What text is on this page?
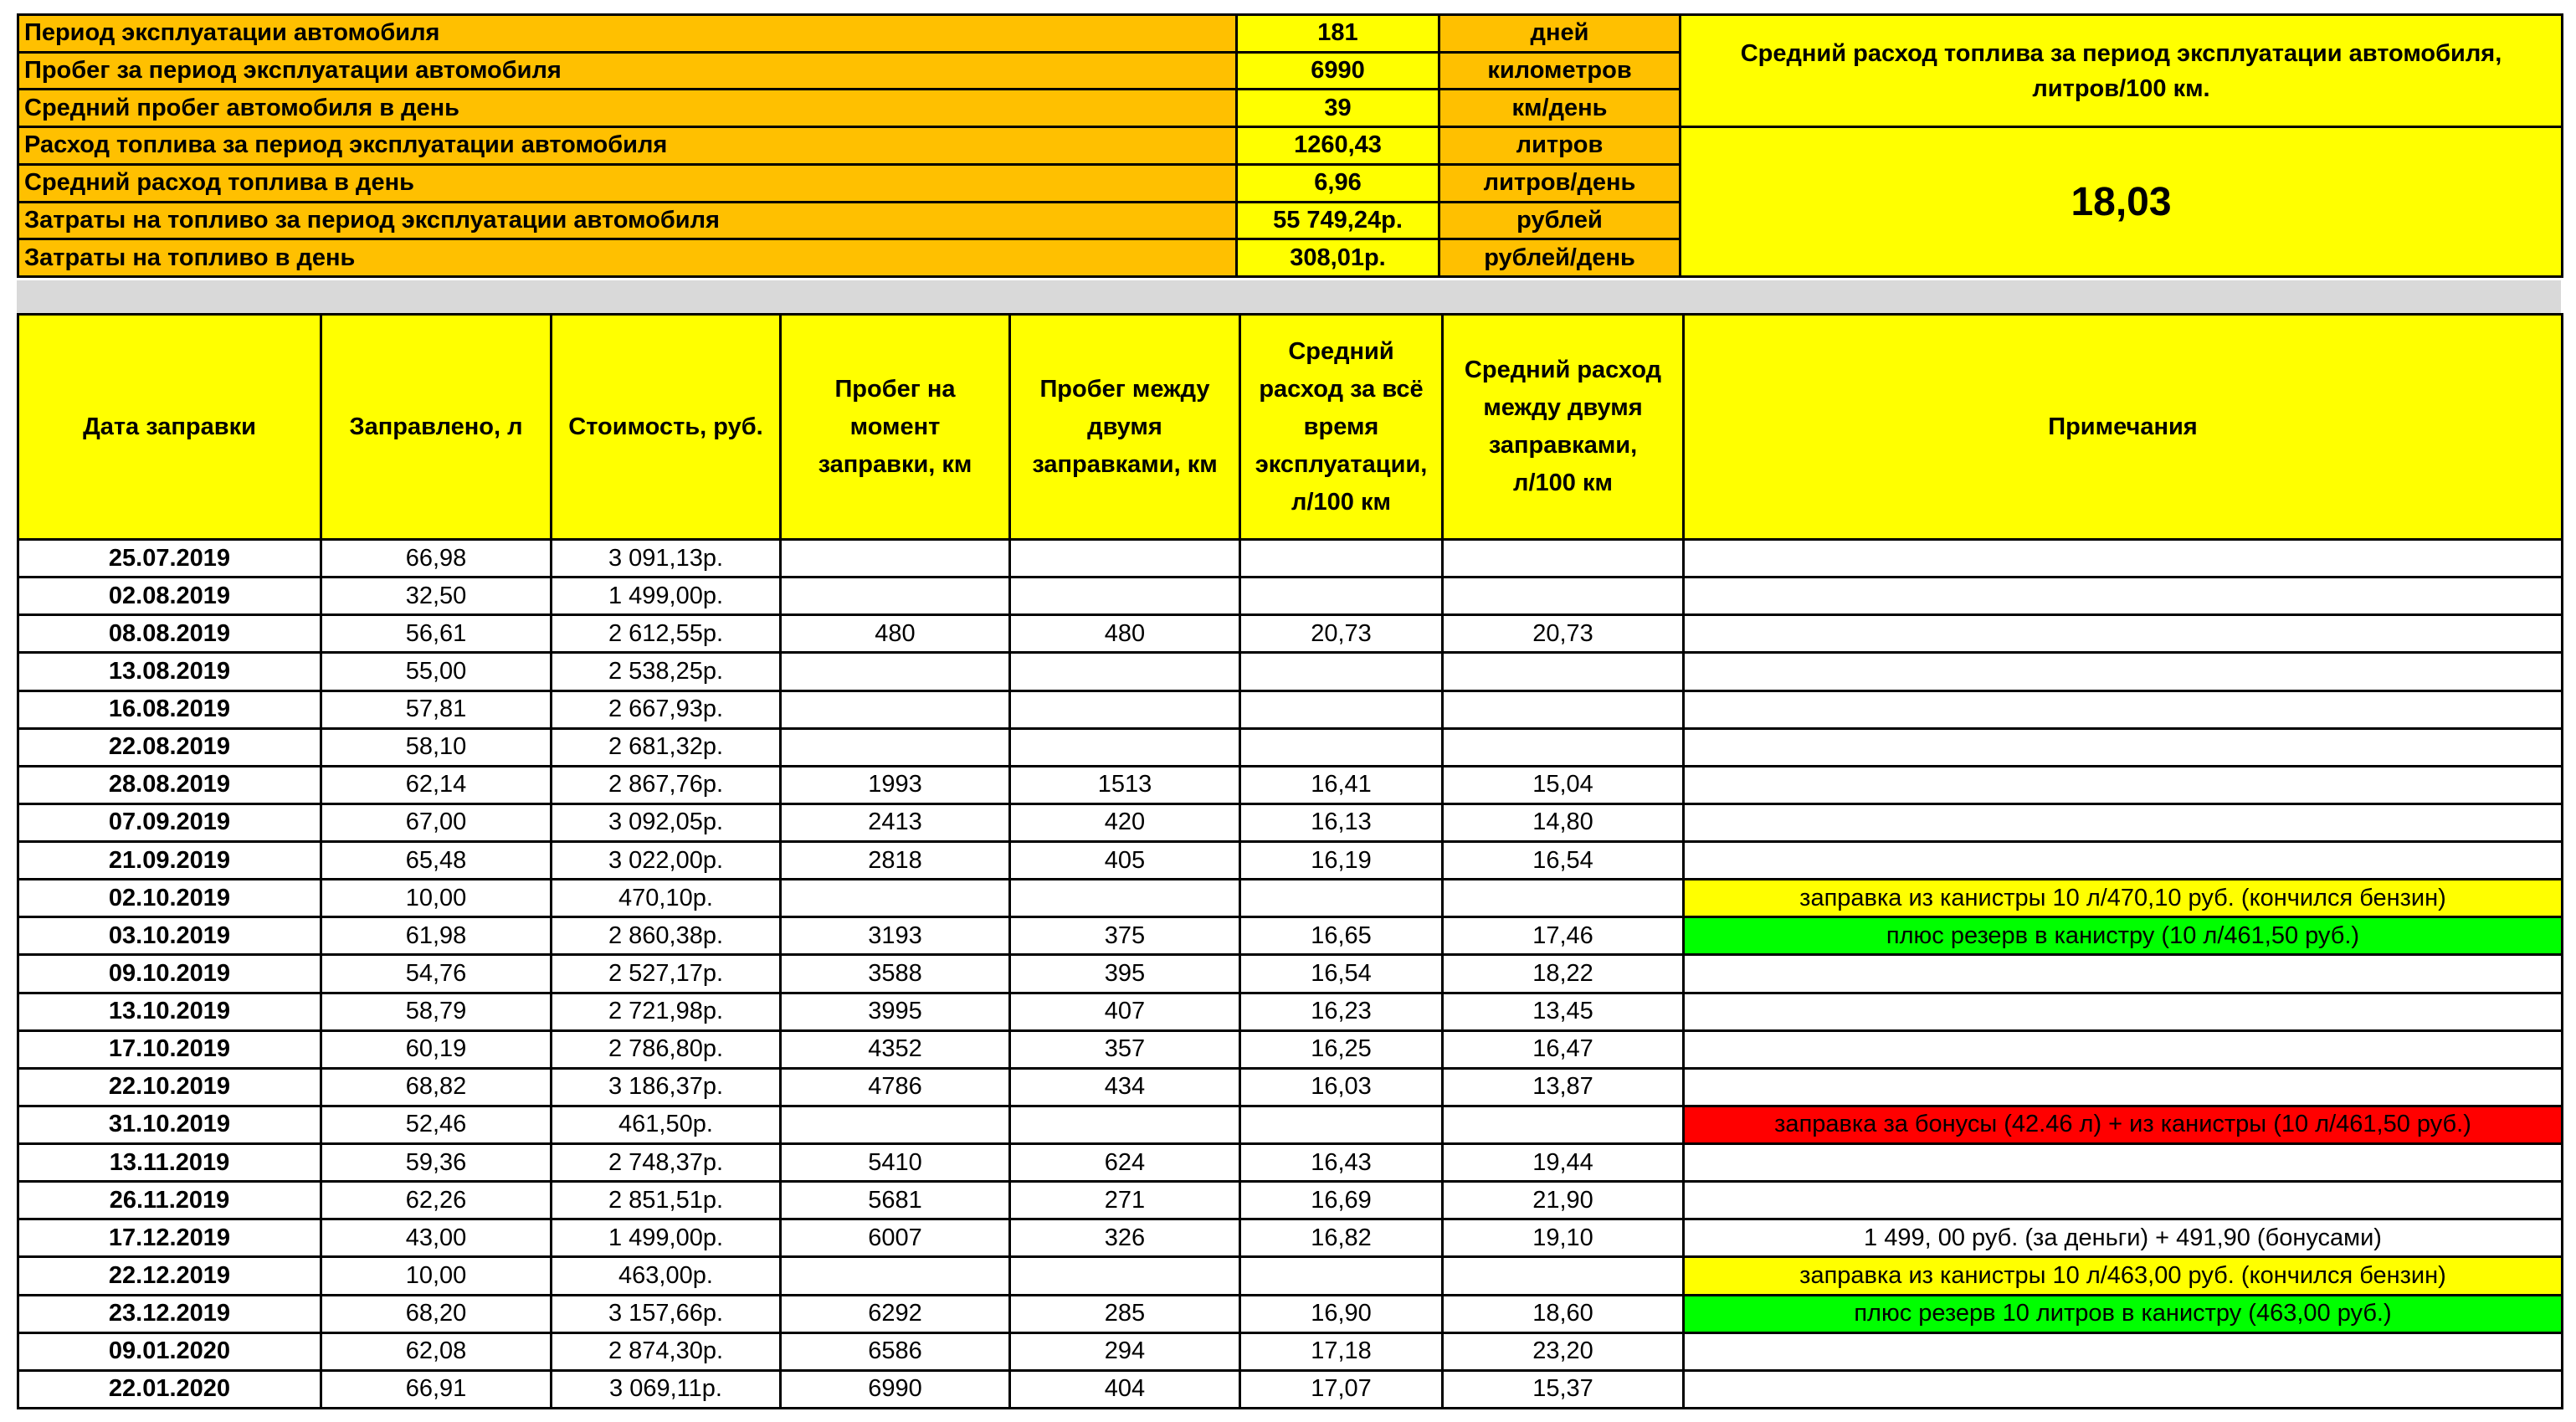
Период эксплуатации автомобиля	181	дней	Средний расход топлива за период эксплуатации автомобиля, литров/100 км.
Пробег за период эксплуатации автомобиля	6990	километров	
Средний пробег автомобиля в день	39	км/день	
Расход топлива за период эксплуатации автомобиля	1260,43	литров	18,03
Средний расход топлива в день	6,96	литров/день	
Затраты на топливо за период эксплуатации автомобиля	55 749,24р.	рублей	
Затраты на топливо в день	308,01р.	рублей/день	
Дата заправки	Заправлено, л	Стоимость, руб.	Пробег на момент заправки, км	Пробег между двумя заправками, км	Средний расход за всё время эксплуатации, л/100 км	Средний расход между двумя заправками, л/100 км	Примечания
25.07.2019	66,98	3 091,13р.					
02.08.2019	32,50	1 499,00р.					
08.08.2019	56,61	2 612,55р.	480	480	20,73	20,73	
13.08.2019	55,00	2 538,25р.					
16.08.2019	57,81	2 667,93р.					
22.08.2019	58,10	2 681,32р.					
28.08.2019	62,14	2 867,76р.	1993	1513	16,41	15,04	
07.09.2019	67,00	3 092,05р.	2413	420	16,13	14,80	
21.09.2019	65,48	3 022,00р.	2818	405	16,19	16,54	
02.10.2019	10,00	470,10р.					заправка из канистры 10 л/470,10 руб. (кончился бензин)
03.10.2019	61,98	2 860,38р.	3193	375	16,65	17,46	плюс резерв в канистру (10 л/461,50 руб.)
09.10.2019	54,76	2 527,17р.	3588	395	16,54	18,22	
13.10.2019	58,79	2 721,98р.	3995	407	16,23	13,45	
17.10.2019	60,19	2 786,80р.	4352	357	16,25	16,47	
22.10.2019	68,82	3 186,37р.	4786	434	16,03	13,87	
31.10.2019	52,46	461,50р.					заправка за бонусы (42.46 л) + из канистры (10 л/461,50 руб.)
13.11.2019	59,36	2 748,37р.	5410	624	16,43	19,44	
26.11.2019	62,26	2 851,51р.	5681	271	16,69	21,90	
17.12.2019	43,00	1 499,00р.	6007	326	16,82	19,10	1 499, 00 руб. (за деньги) + 491,90 (бонусами)
22.12.2019	10,00	463,00р.					заправка из канистры 10 л/463,00 руб. (кончился бензин)
23.12.2019	68,20	3 157,66р.	6292	285	16,90	18,60	плюс резерв 10 литров в канистру (463,00 руб.)
09.01.2020	62,08	2 874,30р.	6586	294	17,18	23,20	
22.01.2020	66,91	3 069,11р.	6990	404	17,07	15,37	
